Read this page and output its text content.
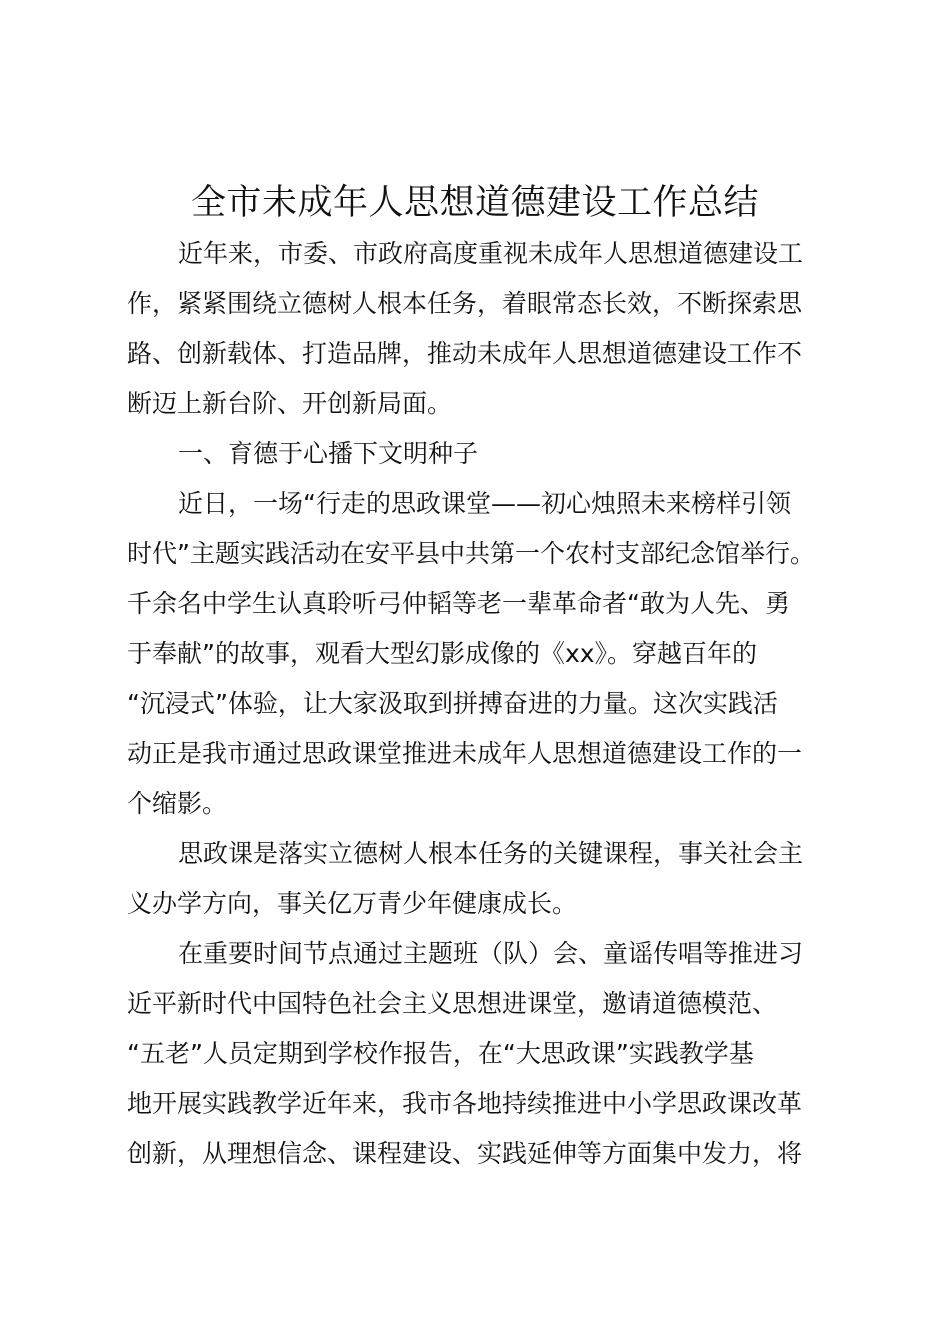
全市未成年人思想道德建设工作总结

近年来，市委、市政府高度重视未成年人思想道德建设工

作，紧紧围绕立德树人根本任务，着眼常态长效，不断探索思

路、创新载体、打造品牌，推动未成年人思想道德建设工作不

断迈上新台阶、开创新局面。

一、育德于心播下文明种子

近日，一场“行走的思政课堂——初心烛照未来榜样引领

时代”主题实践活动在安平县中共第一个农村支部纪念馆举行。

千余名中学生认真聆听弓仲韬等老一辈革命者“敢为人先、勇

于奉献”的故事，观看大型幻影成像的《xx》。穿越百年的

“沉浸式”体验，让大家汲取到拼搏奋进的力量。这次实践活

动正是我市通过思政课堂推进未成年人思想道德建设工作的一

个缩影。

思政课是落实立德树人根本任务的关键课程，事关社会主

义办学方向，事关亿万青少年健康成长。

在重要时间节点通过主题班（队）会、童谣传唱等推进习

近平新时代中国特色社会主义思想进课堂，邀请道德模范、

“五老”人员定期到学校作报告，在“大思政课”实践教学基

地开展实践教学近年来，我市各地持续推进中小学思政课改革

创新，从理想信念、课程建设、实践延伸等方面集中发力，将
